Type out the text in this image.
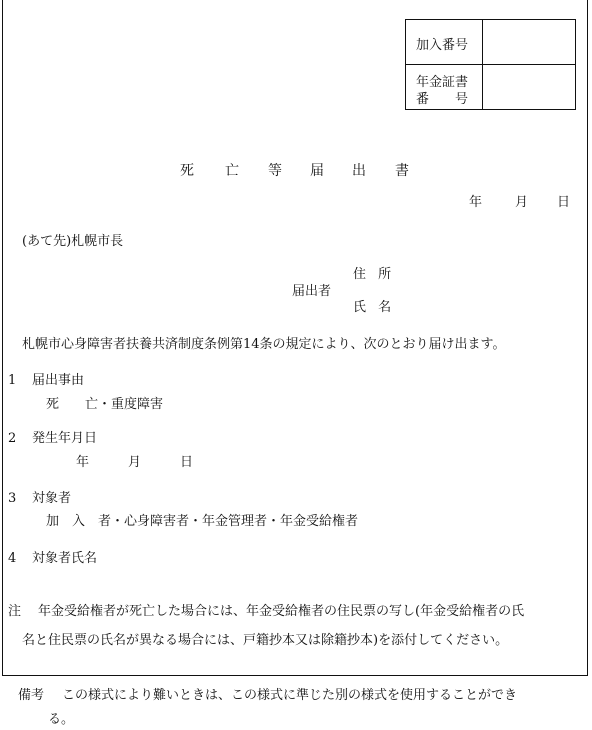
加入番号
年金証書
番号
死 亡 等 届 出 書
年	月 日
(あて先)札幌市長
住 所
届出者
氏 名
札幌市心身障害者扶養共済制度条例第14条の規定により、次のとおり届け出ます。
1 届出事由
死　　亡・重度障害
2 発生年月日
年　　　月　　　日
3 対象者
加　入　者・心身障害者・年金管理者・年金受給権者
4 対象者氏名
注 年金受給権者が死亡した場合には、年金受給権者の住民票の写し(年金受給権者の氏
名と住民票の氏名が異なる場合には、戸籍抄本又は除籍抄本)を添付してください。
備考 この様式により難いときは、この様式に準じた別の様式を使用することができ
る。
